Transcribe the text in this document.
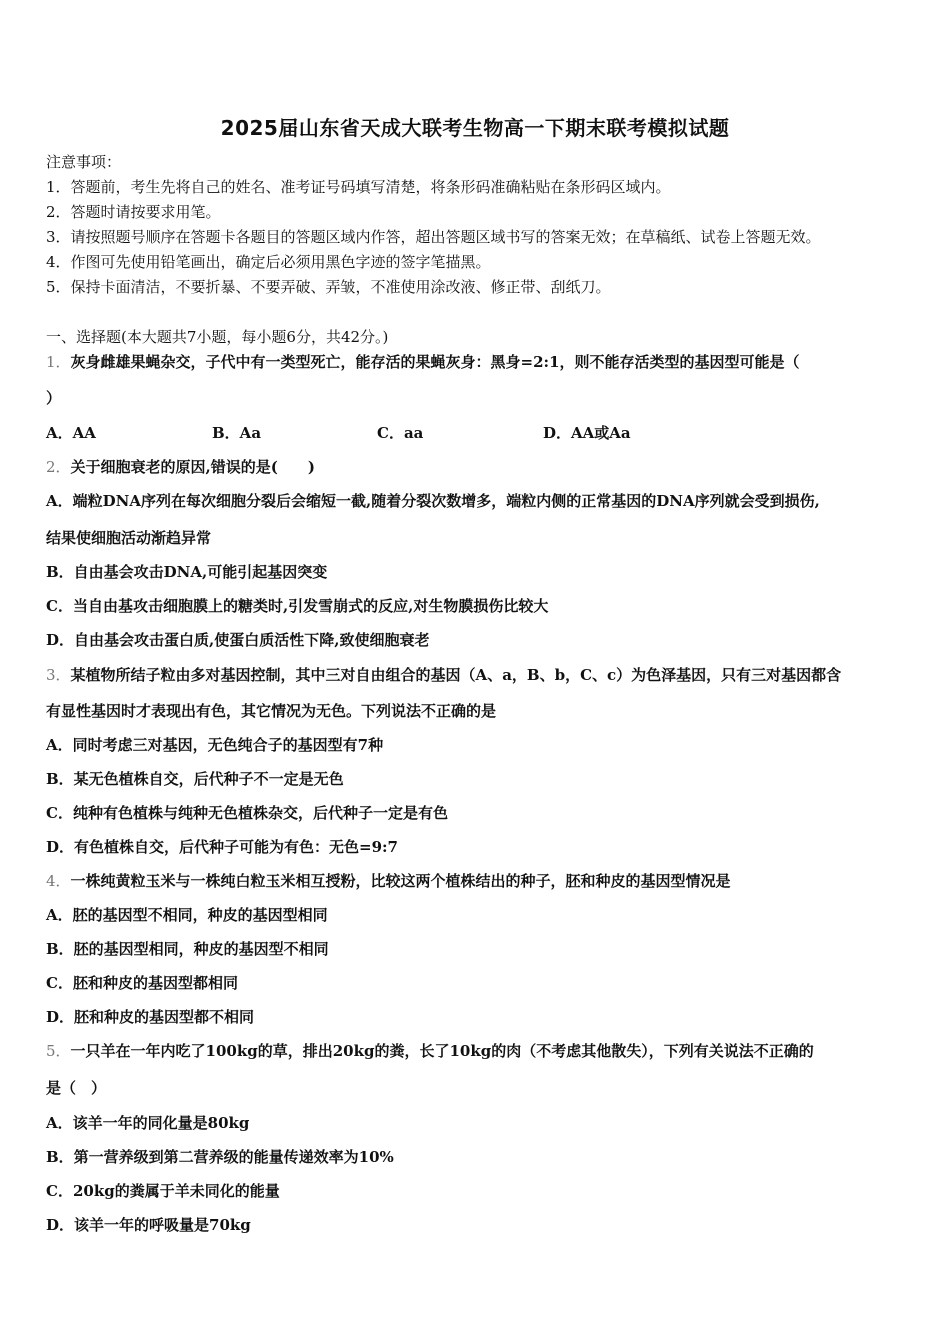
2025届山东省天成大联考生物高一下期末联考模拟试题
注意事项：
1．答题前，考生先将自己的姓名、准考证号码填写清楚，将条形码准确粘贴在条形码区域内。
2．答题时请按要求用笔。
3．请按照题号顺序在答题卡各题目的答题区域内作答，超出答题区域书写的答案无效；在草稿纸、试卷上答题无效。
4．作图可先使用铅笔画出，确定后必须用黑色字迹的签字笔描黑。
5．保持卡面清洁，不要折暴、不要弄破、弄皱，不准使用涂改液、修正带、刮纸刀。
一、选择题(本大题共7小题，每小题6分，共42分。)
1．灰身雌雄果蝇杂交，子代中有一类型死亡，能存活的果蝇灰身：黑身=2:1，则不能存活类型的基因型可能是（
）
A．AA	B．Aa	C．aa	D．AA或Aa
2．关于细胞衰老的原因,错误的是(　　)
A．端粒DNA序列在每次细胞分裂后会缩短一截,随着分裂次数增多，端粒内侧的正常基因的DNA序列就会受到损伤,
结果使细胞活动渐趋异常
B．自由基会攻击DNA,可能引起基因突变
C．当自由基攻击细胞膜上的糖类时,引发雪崩式的反应,对生物膜损伤比较大
D．自由基会攻击蛋白质,使蛋白质活性下降,致使细胞衰老
3．某植物所结子粒由多对基因控制，其中三对自由组合的基因（A、a，B、b，C、c）为色泽基因，只有三对基因都含
有显性基因时才表现出有色，其它情况为无色。下列说法不正确的是
A．同时考虑三对基因，无色纯合子的基因型有7种
B．某无色植株自交，后代种子不一定是无色
C．纯种有色植株与纯种无色植株杂交，后代种子一定是有色
D．有色植株自交，后代种子可能为有色：无色=9:7
4．一株纯黄粒玉米与一株纯白粒玉米相互授粉，比较这两个植株结出的种子，胚和种皮的基因型情况是
A．胚的基因型不相同，种皮的基因型相同
B．胚的基因型相同，种皮的基因型不相同
C．胚和种皮的基因型都相同
D．胚和种皮的基因型都不相同
5．一只羊在一年内吃了100kg的草，排出20kg的粪，长了10kg的肉（不考虑其他散失），下列有关说法不正确的
是（　）
A．该羊一年的同化量是80kg
B．第一营养级到第二营养级的能量传递效率为10%
C．20kg的粪属于羊未同化的能量
D．该羊一年的呼吸量是70kg
